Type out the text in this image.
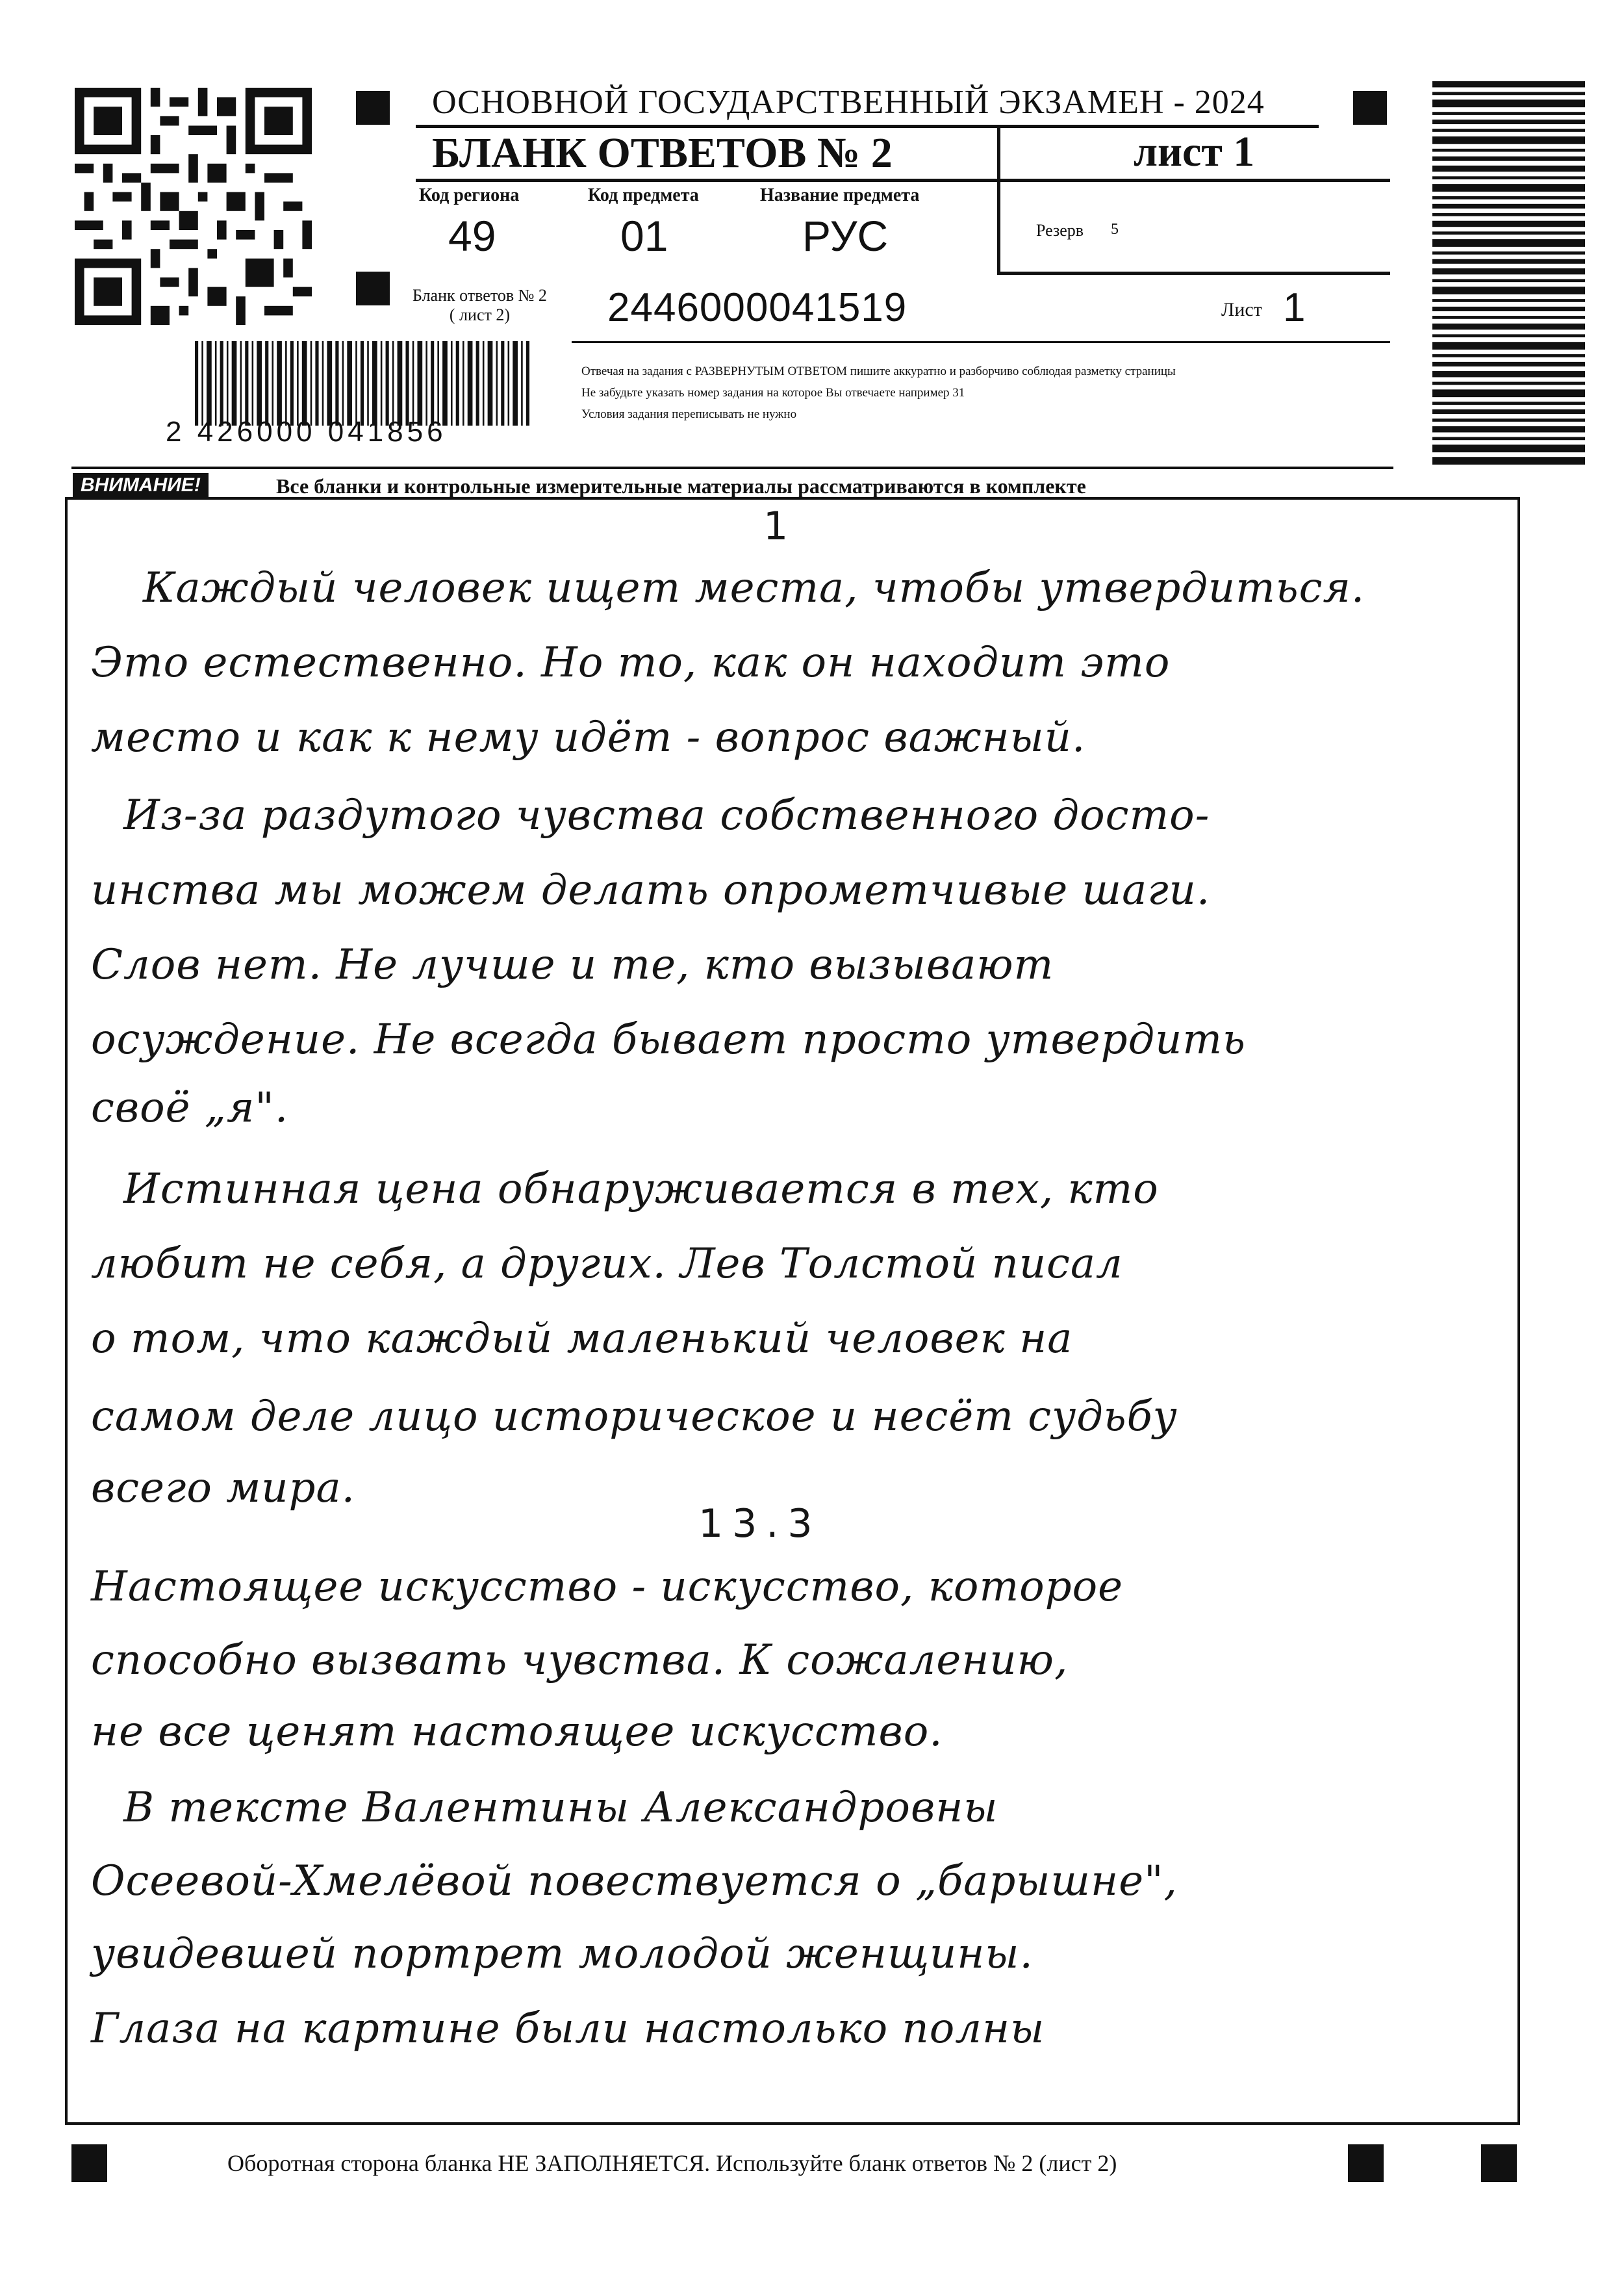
2 426000 041856
ОСНОВНОЙ ГОСУДАРСТВЕННЫЙ ЭКЗАМЕН - 2024
БЛАНК ОТВЕТОВ № 2	лист 1
Код региона
49
Код предмета
01
Название предмета
РУС	Резерв 5
Бланк ответов № 2
( лист 2)	2446000041519	Лист 1
Отвечая на задания с РАЗВЕРНУТЫМ ОТВЕТОМ пишите аккуратно и разборчиво соблюдая разметку страницы
Не забудьте указать номер задания на которое Вы отвечаете например 31
Условия задания переписывать не нужно
ВНИМАНИЕ!	Все бланки и контрольные измерительные материалы рассматриваются в комплекте
1
Каждый человек ищет места, чтобы утвердиться.
Это естественно. Но то, как он находит это
место и как к нему идёт - вопрос важный.
Из-за раздутого чувства собственного досто-
инства мы можем делать опрометчивые шаги.
Слов нет. Не лучше и те, кто вызывают
осуждение. Не всегда бывает просто утвердить
своё „я".
Истинная цена обнаруживается в тех, кто
любит не себя, а других. Лев Толстой писал
о том, что каждый маленький человек на
самом деле лицо историческое и несёт судьбу
всего мира.
13.3
Настоящее искусство - искусство, которое
способно вызвать чувства. К сожалению,
не все ценят настоящее искусство.
В тексте Валентины Александровны
Осеевой-Хмелёвой повествуется о „барышне",
увидевшей портрет молодой женщины.
Глаза на картине были настолько полны
Оборотная сторона бланка НЕ ЗАПОЛНЯЕТСЯ. Используйте бланк ответов № 2 (лист 2)
